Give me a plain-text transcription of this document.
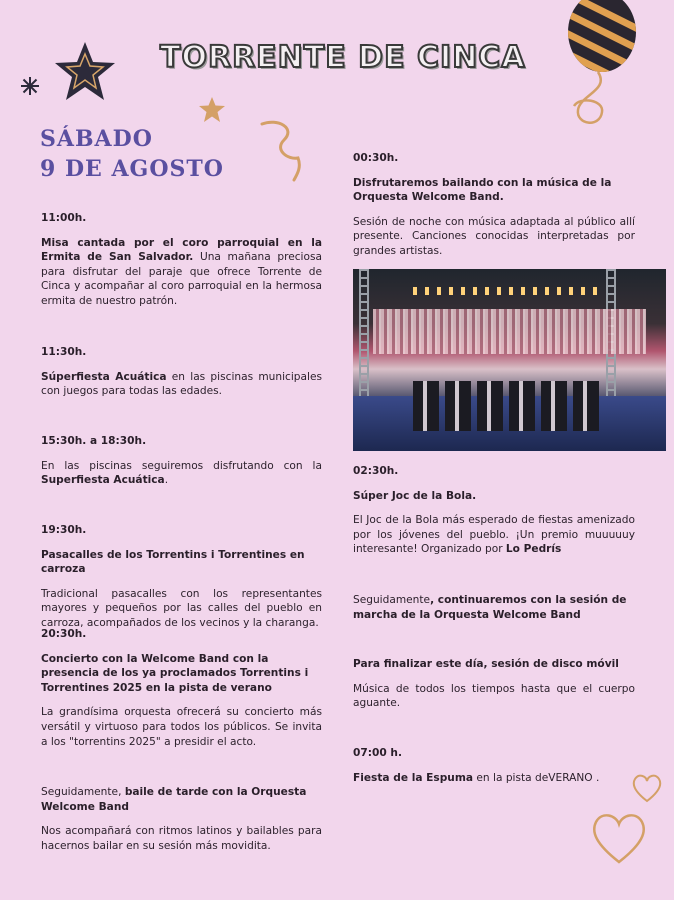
TORRENTE DE CINCA
SÁBADO
9 DE AGOSTO
11:00h.
Misa cantada por el coro parroquial en la Ermita de San Salvador. Una mañana preciosa para disfrutar del paraje que ofrece Torrente de Cinca y acompañar al coro parroquial en la hermosa ermita de nuestro patrón.
11:30h.
Súperfiesta Acuática en las piscinas municipales con juegos para todas las edades.
15:30h. a 18:30h.
En las piscinas seguiremos disfrutando con la Superfiesta Acuática.
19:30h.
Pasacalles de los Torrentins i Torrentines en carroza
Tradicional pasacalles con los representantes mayores y pequeños por las calles del pueblo en carroza, acompañados de los vecinos y la charanga.
20:30h.
Concierto con la Welcome Band con la presencia de los ya proclamados Torrentins i Torrentines 2025 en la pista de verano
La grandísima orquesta ofrecerá su concierto más versátil y virtuoso para todos los públicos. Se invita a los "torrentins 2025" a presidir el acto.
Seguidamente, baile de tarde con la Orquesta Welcome Band
Nos acompañará con ritmos latinos y bailables para hacernos bailar en su sesión más movidita.
00:30h.
Disfrutaremos bailando con la música de la Orquesta Welcome Band.
Sesión de noche con música adaptada al público allí presente. Canciones conocidas interpretadas por grandes artistas.
02:30h.
Súper Joc de la Bola.
El Joc de la Bola más esperado de fiestas amenizado por los jóvenes del pueblo. ¡Un premio muuuuuy interesante! Organizado por Lo Pedrís
Seguidamente, continuaremos con la sesión de marcha de la Orquesta Welcome Band
Para finalizar este día, sesión de disco móvil
Música de todos los tiempos hasta que el cuerpo aguante.
07:00 h.
Fiesta de la Espuma en la pista deVERANO .
